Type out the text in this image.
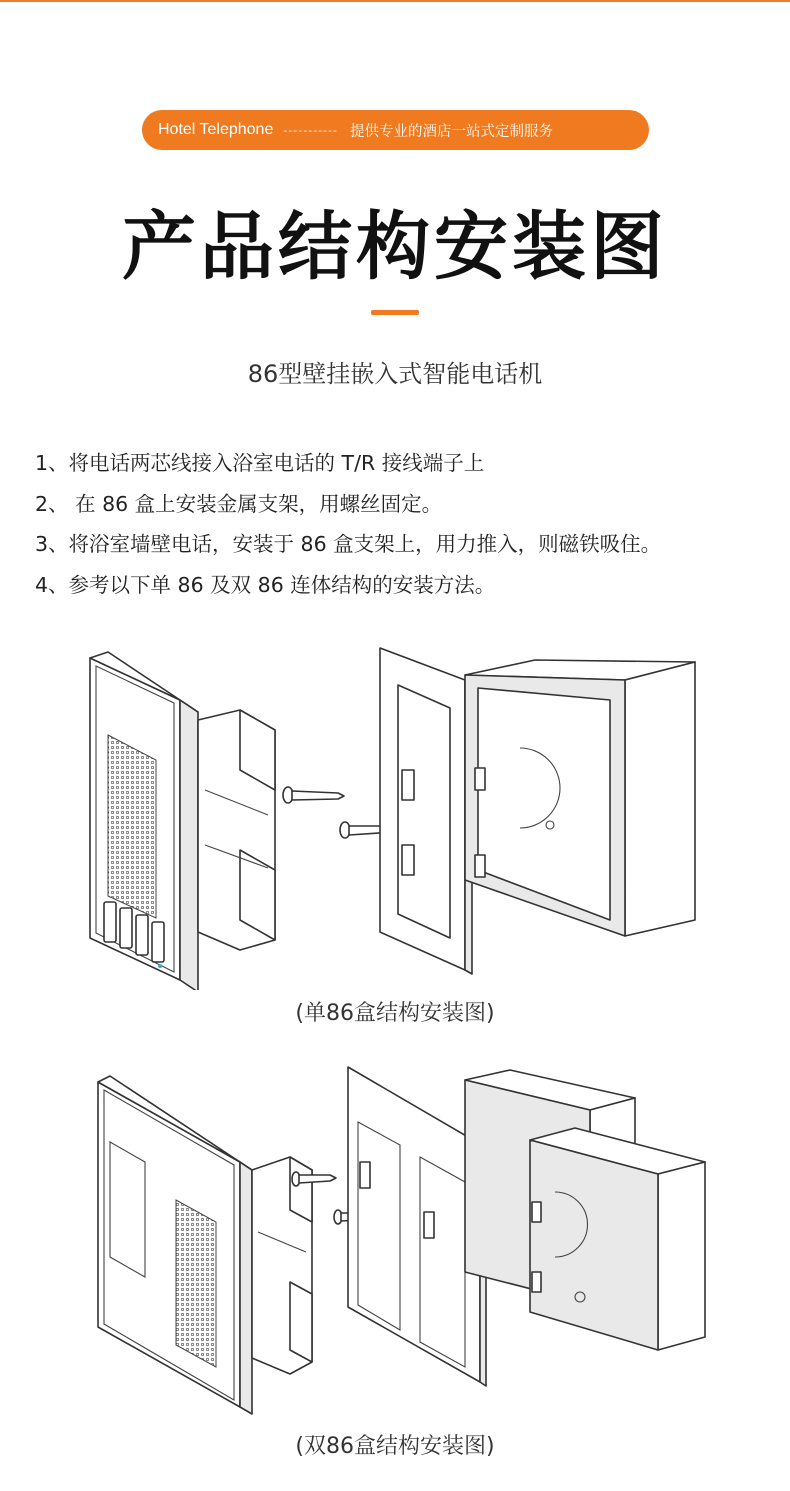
Hotel Telephone ----------- 提供专业的酒店一站式定制服务
产品结构安装图
86型壁挂嵌入式智能电话机
1、将电话两芯线接入浴室电话的 T/R 接线端子上
2、 在 86 盒上安装金属支架，用螺丝固定。
3、将浴室墙壁电话，安装于 86 盒支架上，用力推入，则磁铁吸住。
4、参考以下单 86 及双 86 连体结构的安装方法。
(单86盒结构安装图)
(双86盒结构安装图)
